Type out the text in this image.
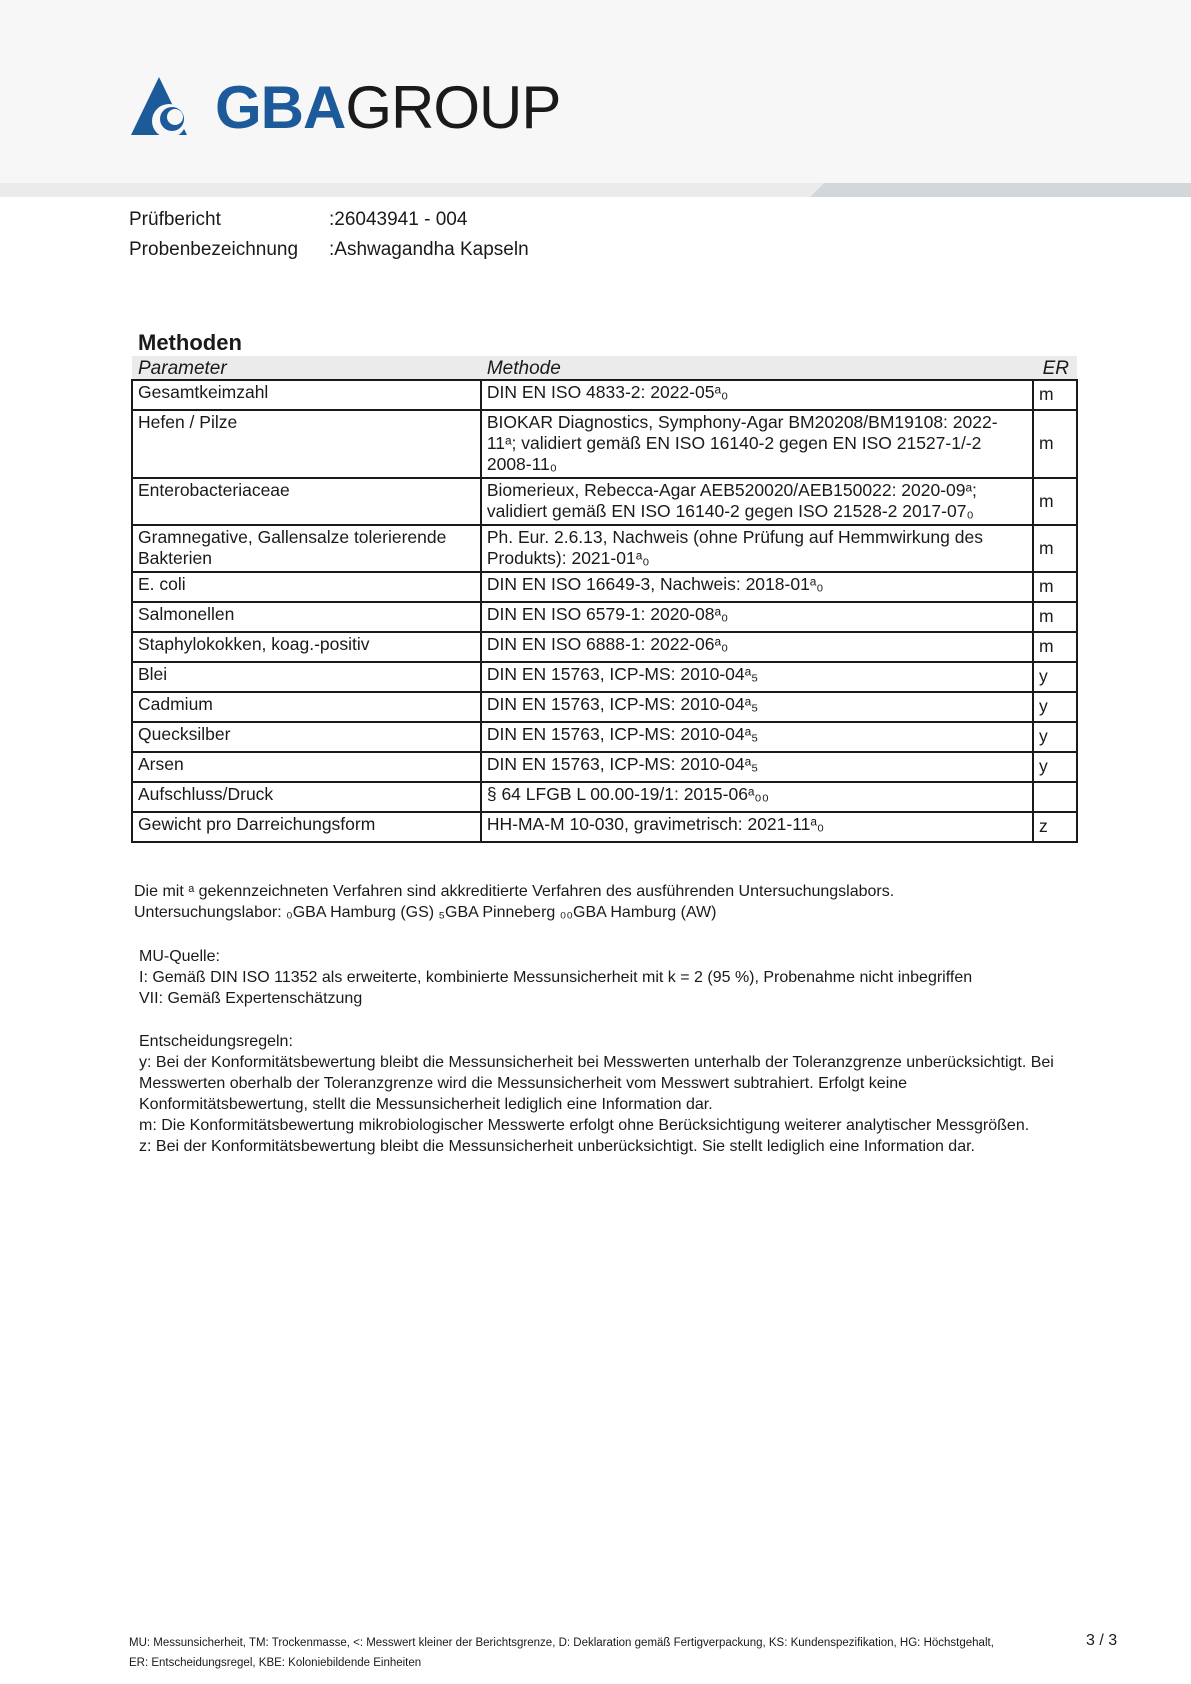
GBAGROUP
Prüfbericht	:26043941 - 004
Probenbezeichnung :Ashwagandha Kapseln
Methoden
Parameter	Methode	ER
Gesamtkeimzahl	DIN EN ISO 4833-2: 2022-05ᵃ₀	m
Hefen / Pilze	BIOKAR Diagnostics, Symphony-Agar BM20208/BM19108: 2022-11ᵃ; validiert gemäß EN ISO 16140-2 gegen EN ISO 21527-1/-2 2008-11₀	m
Enterobacteriaceae	Biomerieux, Rebecca-Agar AEB520020/AEB150022: 2020-09ᵃ; validiert gemäß EN ISO 16140-2 gegen ISO 21528-2 2017-07₀	m
Gramnegative, Gallensalze tolerierende Bakterien	Ph. Eur. 2.6.13, Nachweis (ohne Prüfung auf Hemmwirkung des Produkts): 2021-01ᵃ₀	m
E. coli	DIN EN ISO 16649-3, Nachweis: 2018-01ᵃ₀	m
Salmonellen	DIN EN ISO 6579-1: 2020-08ᵃ₀	m
Staphylokokken, koag.-positiv	DIN EN ISO 6888-1: 2022-06ᵃ₀	m
Blei	DIN EN 15763, ICP-MS: 2010-04ᵃ₅	y
Cadmium	DIN EN 15763, ICP-MS: 2010-04ᵃ₅	y
Quecksilber	DIN EN 15763, ICP-MS: 2010-04ᵃ₅	y
Arsen	DIN EN 15763, ICP-MS: 2010-04ᵃ₅	y
Aufschluss/Druck	§ 64 LFGB L 00.00-19/1: 2015-06ᵃ₀₀	
Gewicht pro Darreichungsform	HH-MA-M 10-030, gravimetrisch: 2021-11ᵃ₀	z
Die mit ᵃ gekennzeichneten Verfahren sind akkreditierte Verfahren des ausführenden Untersuchungslabors.
Untersuchungslabor: ₀GBA Hamburg (GS) ₅GBA Pinneberg ₀₀GBA Hamburg (AW)
MU-Quelle:
I: Gemäß DIN ISO 11352 als erweiterte, kombinierte Messunsicherheit mit k = 2 (95 %), Probenahme nicht inbegriffen
VII: Gemäß Expertenschätzung
Entscheidungsregeln:
y: Bei der Konformitätsbewertung bleibt die Messunsicherheit bei Messwerten unterhalb der Toleranzgrenze unberücksichtigt. Bei
Messwerten oberhalb der Toleranzgrenze wird die Messunsicherheit vom Messwert subtrahiert. Erfolgt keine
Konformitätsbewertung, stellt die Messunsicherheit lediglich eine Information dar.
m: Die Konformitätsbewertung mikrobiologischer Messwerte erfolgt ohne Berücksichtigung weiterer analytischer Messgrößen.
z: Bei der Konformitätsbewertung bleibt die Messunsicherheit unberücksichtigt. Sie stellt lediglich eine Information dar.
MU: Messunsicherheit, TM: Trockenmasse, <: Messwert kleiner der Berichtsgrenze, D: Deklaration gemäß Fertigverpackung, KS: Kundenspezifikation, HG: Höchstgehalt,
ER: Entscheidungsregel, KBE: Koloniebildende Einheiten
3 / 3
